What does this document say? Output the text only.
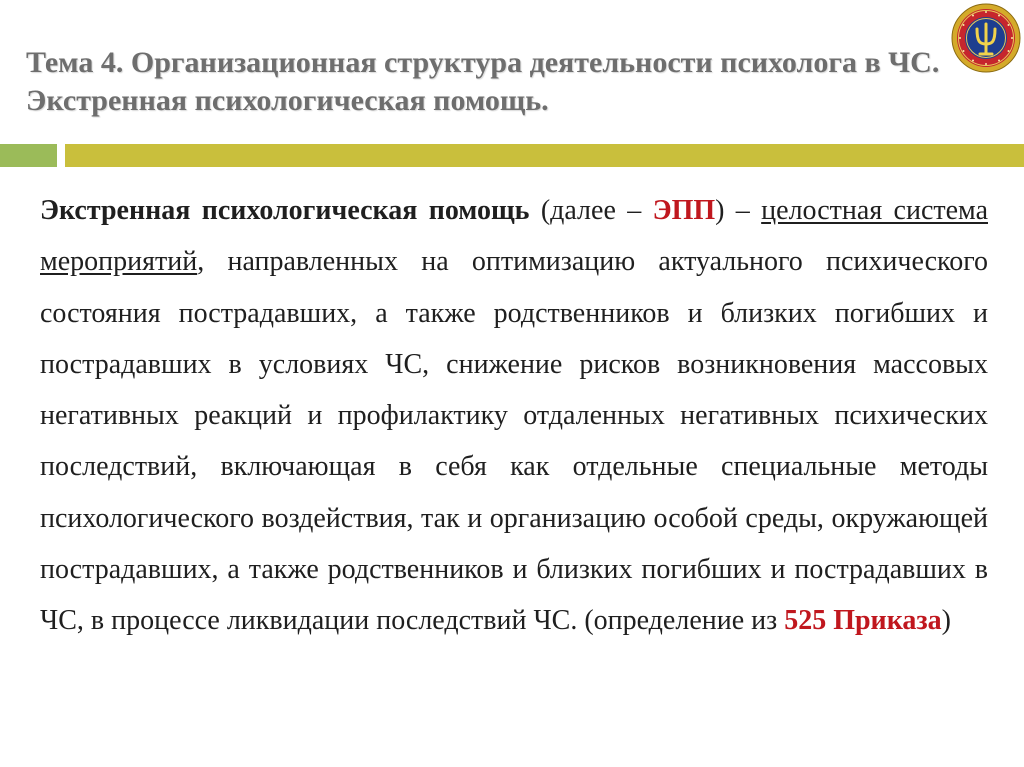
Тема 4. Организационная структура деятельности психолога в ЧС. Экстренная психологическая помощь.

Экстренная психологическая помощь (далее – ЭПП) – целостная система мероприятий, направленных на оптимизацию актуального психического состояния пострадавших, а также родственников и близких погибших и пострадавших в условиях ЧС, снижение рисков возникновения массовых негативных реакций и профилактику отдаленных негативных психических последствий, включающая в себя как отдельные специальные методы психологического воздействия, так и организацию особой среды, окружающей пострадавших, а также родственников и близких погибших и пострадавших в ЧС, в процессе ликвидации последствий ЧС. (определение из 525 Приказа)
